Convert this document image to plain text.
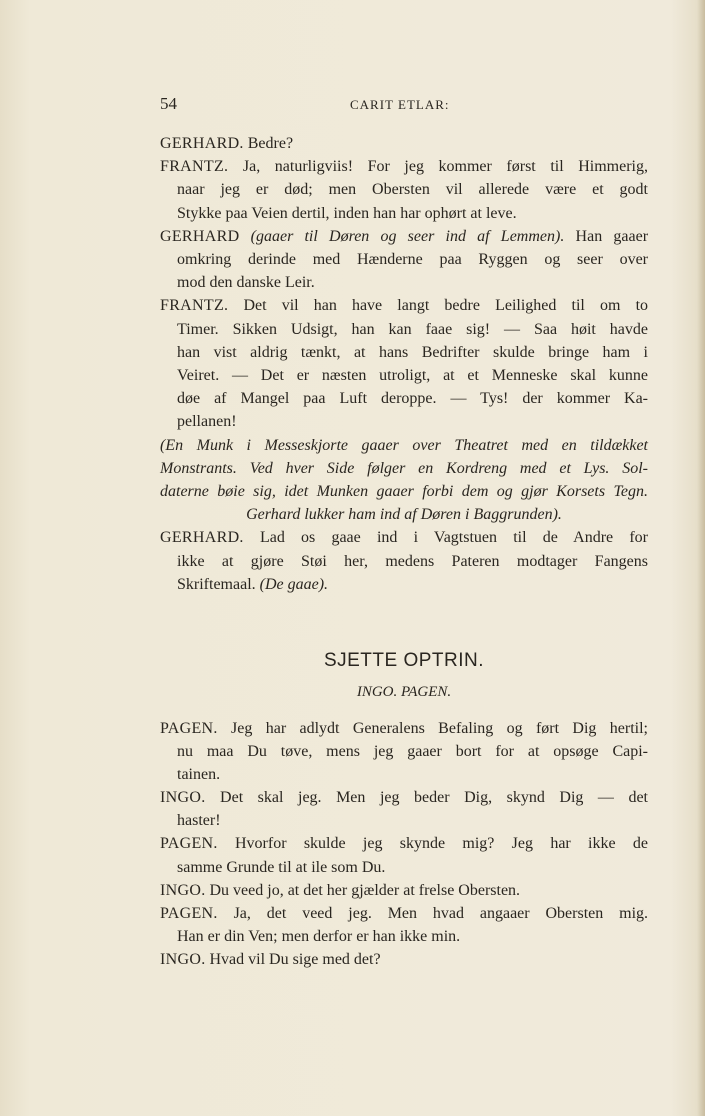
54	CARIT ETLAR:

GERHARD. Bedre?

FRANTZ. Ja, naturligviis! For jeg kommer først til Himmerig,
naar jeg er død; men Obersten vil allerede være et godt
Stykke paa Veien dertil, inden han har ophørt at leve.

GERHARD (gaaer til Døren og seer ind af Lemmen). Han gaaer
omkring derinde med Hænderne paa Ryggen og seer over
mod den danske Leir.

FRANTZ. Det vil han have langt bedre Leilighed til om to
Timer. Sikken Udsigt, han kan faae sig! — Saa høit havde
han vist aldrig tænkt, at hans Bedrifter skulde bringe ham i
Veiret. — Det er næsten utroligt, at et Menneske skal kunne
døe af Mangel paa Luft deroppe. — Tys! der kommer Ka-
pellanen!

(En Munk i Messeskjorte gaaer over Theatret med en tildækket
Monstrants. Ved hver Side følger en Kordreng med et Lys. Sol-
daterne bøie sig, idet Munken gaaer forbi dem og gjør Korsets Tegn.
Gerhard lukker ham ind af Døren i Baggrunden).

GERHARD. Lad os gaae ind i Vagtstuen til de Andre for
ikke at gjøre Støi her, medens Pateren modtager Fangens
Skriftemaal. (De gaae).

SJETTE OPTRIN.
INGO. PAGEN.

PAGEN. Jeg har adlydt Generalens Befaling og ført Dig hertil;
nu maa Du tøve, mens jeg gaaer bort for at opsøge Capi-
tainen.

INGO. Det skal jeg. Men jeg beder Dig, skynd Dig — det
haster!

PAGEN. Hvorfor skulde jeg skynde mig? Jeg har ikke de
samme Grunde til at ile som Du.

INGO. Du veed jo, at det her gjælder at frelse Obersten.

PAGEN. Ja, det veed jeg. Men hvad angaaer Obersten mig.
Han er din Ven; men derfor er han ikke min.

INGO. Hvad vil Du sige med det?
